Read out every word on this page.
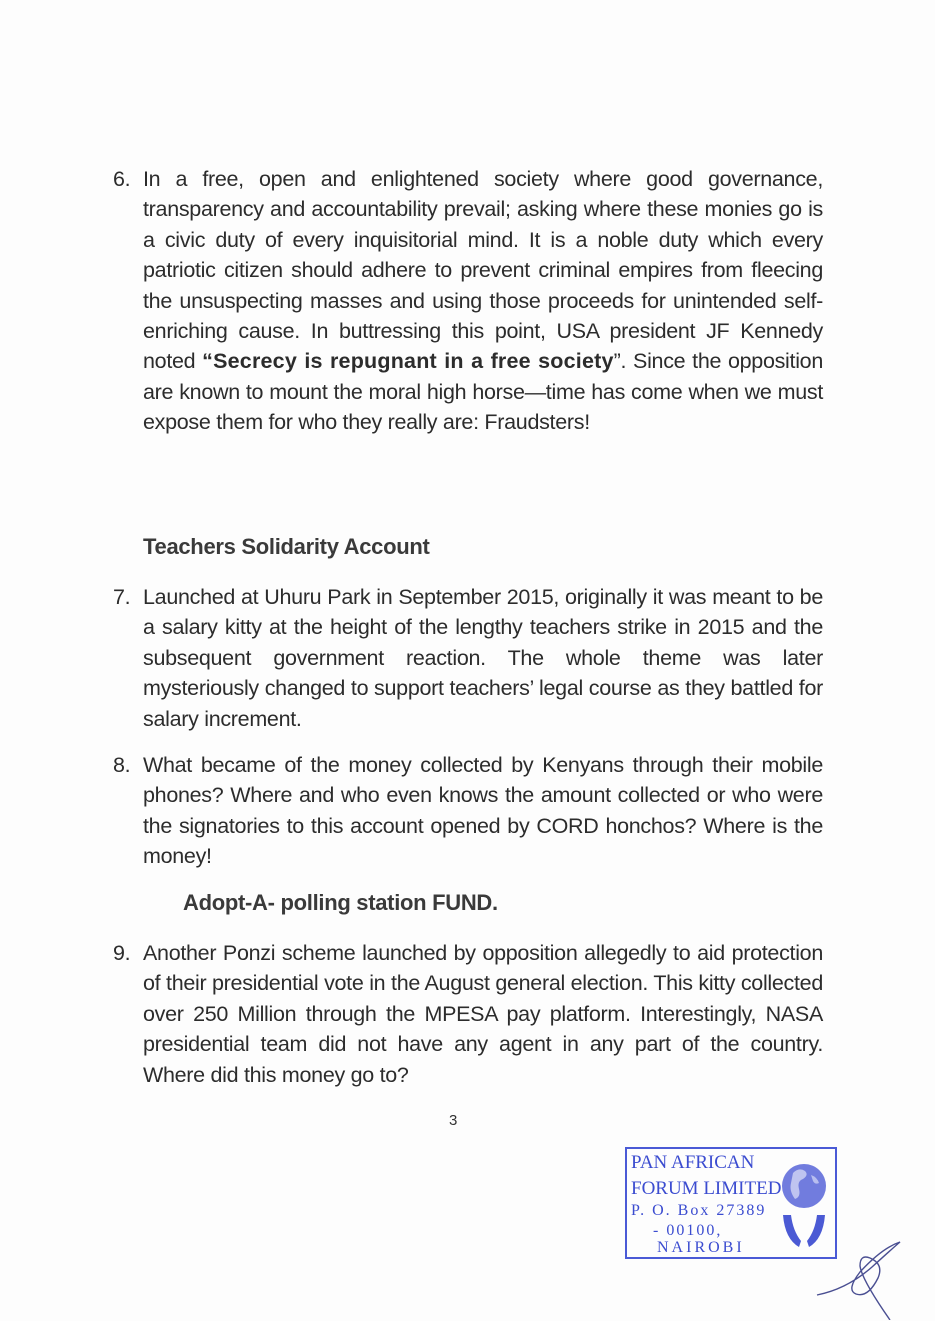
6. In a free, open and enlightened society where good governance, transparency and accountability prevail; asking where these monies go is a civic duty of every inquisitorial mind. It is a noble duty which every patriotic citizen should adhere to prevent criminal empires from fleecing the unsuspecting masses and using those proceeds for unintended self-enriching cause. In buttressing this point, USA president JF Kennedy noted “Secrecy is repugnant in a free society”. Since the opposition are known to mount the moral high horse—time has come when we must expose them for who they really are: Fraudsters!
Teachers Solidarity Account
7. Launched at Uhuru Park in September 2015, originally it was meant to be a salary kitty at the height of the lengthy teachers strike in 2015 and the subsequent government reaction. The whole theme was later mysteriously changed to support teachers’ legal course as they battled for salary increment.
8. What became of the money collected by Kenyans through their mobile phones? Where and who even knows the amount collected or who were the signatories to this account opened by CORD honchos? Where is the money!
Adopt-A- polling station FUND.
9. Another Ponzi scheme launched by opposition allegedly to aid protection of their presidential vote in the August general election. This kitty collected over 250 Million through the MPESA pay platform. Interestingly, NASA presidential team did not have any agent in any part of the country. Where did this money go to?
3
PAN AFRICAN
FORUM LIMITED
P. O. Box 27389
- 00100,
NAIROBI
